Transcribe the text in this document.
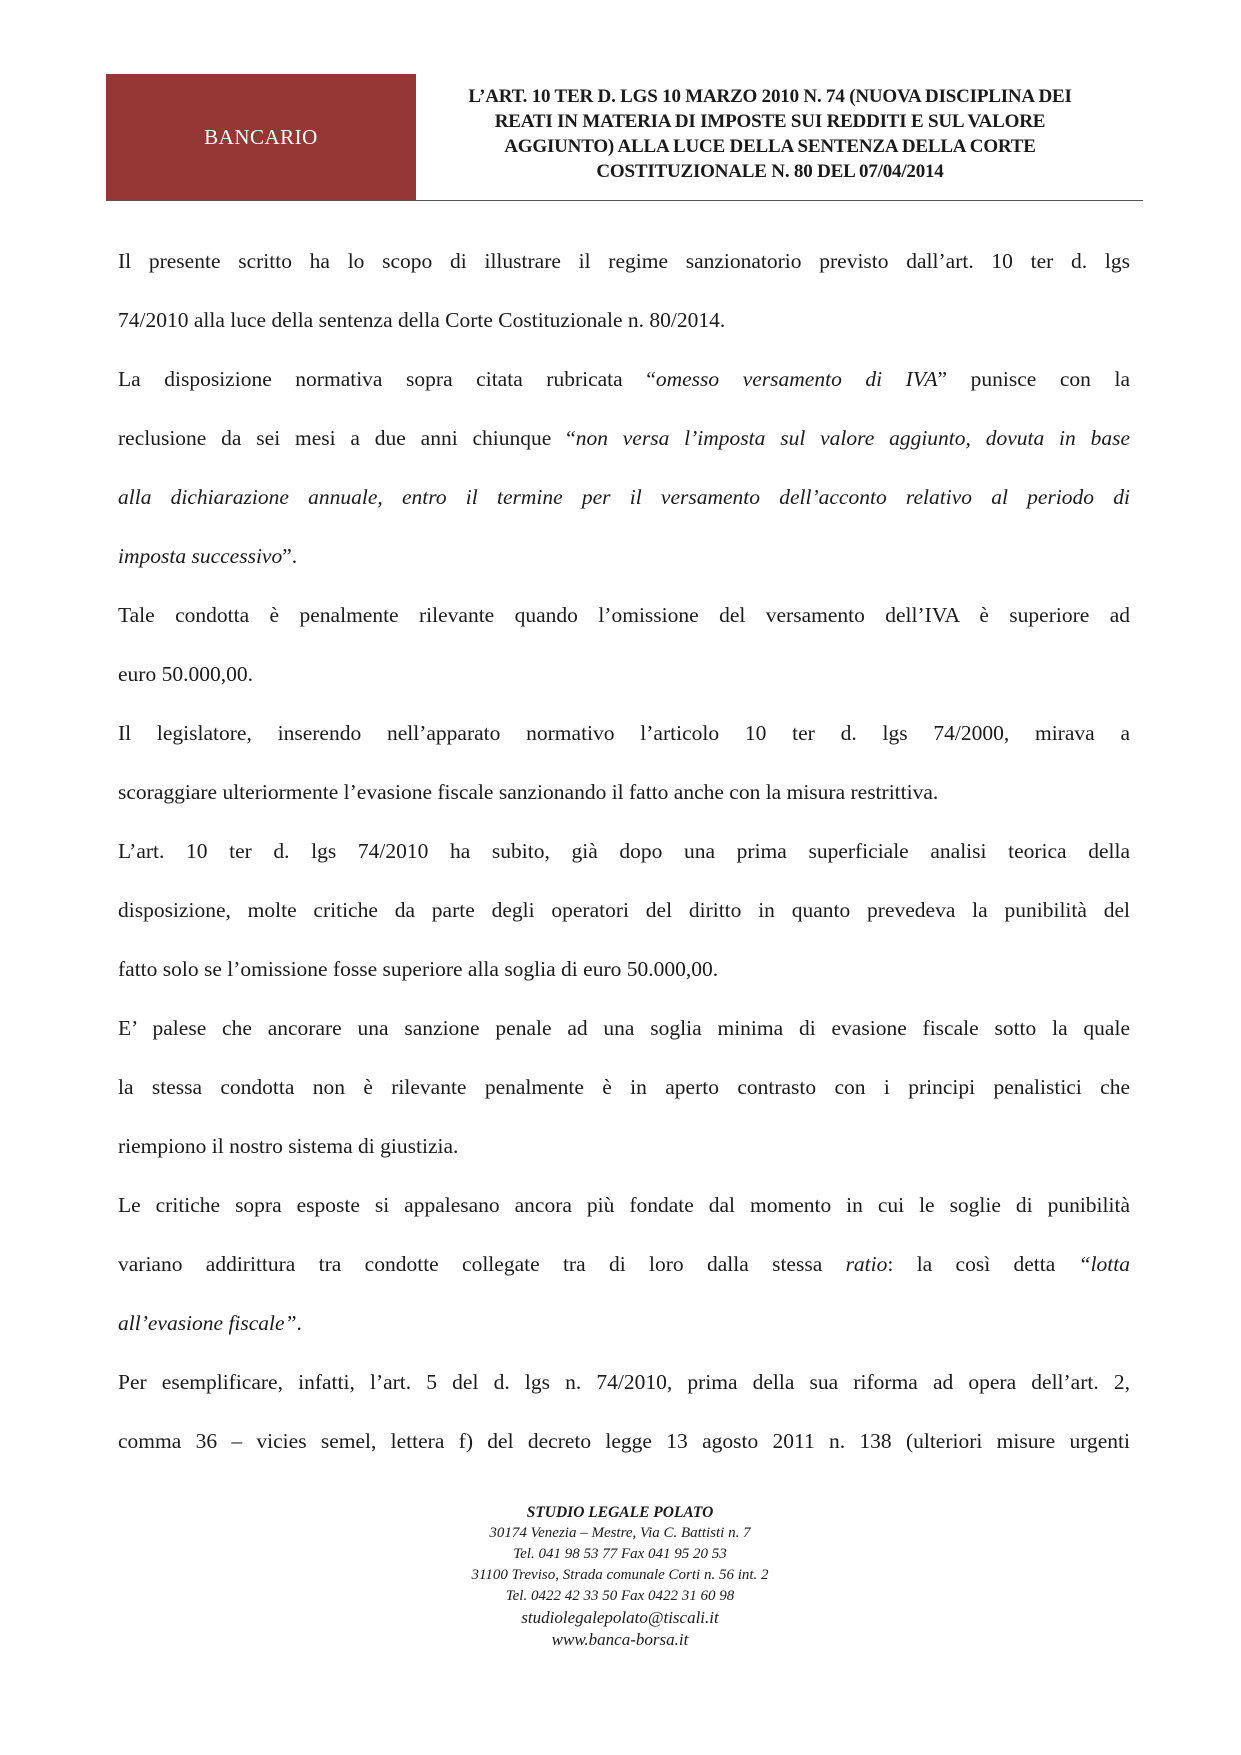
BANCARIO
L’ART. 10 TER D. LGS 10 MARZO 2010 N. 74 (NUOVA DISCIPLINA DEI
REATI IN MATERIA DI IMPOSTE SUI REDDITI E SUL VALORE
AGGIUNTO) ALLA LUCE DELLA SENTENZA DELLA CORTE
COSTITUZIONALE N. 80 DEL 07/04/2014
Il presente scritto ha lo scopo di illustrare il regime sanzionatorio previsto dall’art. 10 ter d. lgs
74/2010 alla luce della sentenza della Corte Costituzionale n. 80/2014.
La disposizione normativa sopra citata rubricata “omesso versamento di IVA” punisce con la
reclusione da sei mesi a due anni chiunque “non versa l’imposta sul valore aggiunto, dovuta in base
alla dichiarazione annuale, entro il termine per il versamento dell’acconto relativo al periodo di
imposta successivo”.
Tale condotta è penalmente rilevante quando l’omissione del versamento dell’IVA è superiore ad
euro 50.000,00.
Il legislatore, inserendo nell’apparato normativo l’articolo 10 ter d. lgs 74/2000, mirava a
scoraggiare ulteriormente l’evasione fiscale sanzionando il fatto anche con la misura restrittiva.
L’art. 10 ter d. lgs 74/2010 ha subito, già dopo una prima superficiale analisi teorica della
disposizione, molte critiche da parte degli operatori del diritto in quanto prevedeva la punibilità del
fatto solo se l’omissione fosse superiore alla soglia di euro 50.000,00.
E’ palese che ancorare una sanzione penale ad una soglia minima di evasione fiscale sotto la quale
la stessa condotta non è rilevante penalmente è in aperto contrasto con i principi penalistici che
riempiono il nostro sistema di giustizia.
Le critiche sopra esposte si appalesano ancora più fondate dal momento in cui le soglie di punibilità
variano addirittura tra condotte collegate tra di loro dalla stessa ratio: la così detta “lotta
all’evasione fiscale”.
Per esemplificare, infatti, l’art. 5 del d. lgs n. 74/2010, prima della sua riforma ad opera dell’art. 2,
comma 36 – vicies semel, lettera f) del decreto legge 13 agosto 2011 n. 138 (ulteriori misure urgenti
STUDIO LEGALE POLATO
30174 Venezia – Mestre, Via C. Battisti n. 7
Tel. 041 98 53 77 Fax 041 95 20 53
31100 Treviso, Strada comunale Corti n. 56 int. 2
Tel. 0422 42 33 50 Fax 0422 31 60 98
studiolegalepolato@tiscali.it
www.banca-borsa.it
